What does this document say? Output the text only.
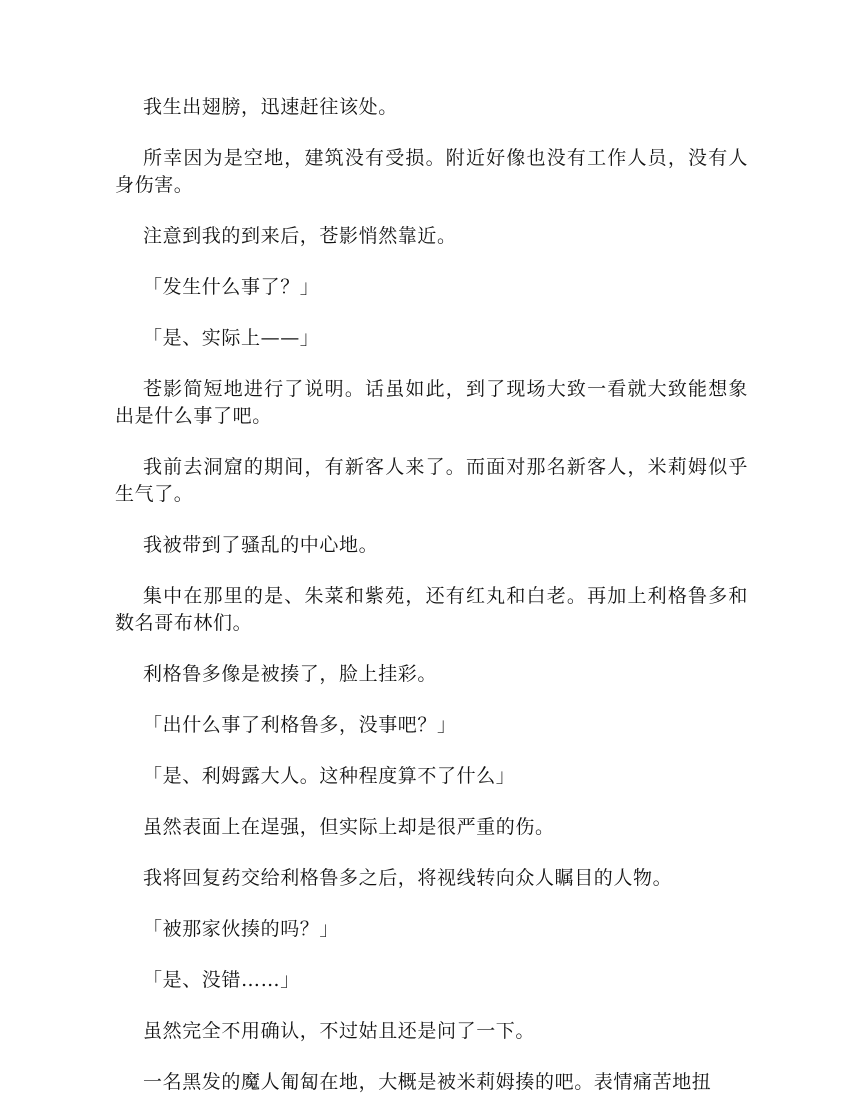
我生出翅膀，迅速赶往该处。

所幸因为是空地，建筑没有受损。附近好像也没有工作人员，没有人身伤害。

注意到我的到来后，苍影悄然靠近。

「发生什么事了？」

「是、实际上——」

苍影简短地进行了说明。话虽如此，到了现场大致一看就大致能想象出是什么事了吧。

我前去洞窟的期间，有新客人来了。而面对那名新客人，米莉姆似乎生气了。

我被带到了骚乱的中心地。

集中在那里的是、朱菜和紫苑，还有红丸和白老。再加上利格鲁多和数名哥布林们。

利格鲁多像是被揍了，脸上挂彩。

「出什么事了利格鲁多，没事吧？」

「是、利姆露大人。这种程度算不了什么」

虽然表面上在逞强，但实际上却是很严重的伤。

我将回复药交给利格鲁多之后，将视线转向众人瞩目的人物。

「被那家伙揍的吗？」

「是、没错……」

虽然完全不用确认，不过姑且还是问了一下。

一名黑发的魔人匍匐在地，大概是被米莉姆揍的吧。表情痛苦地扭
